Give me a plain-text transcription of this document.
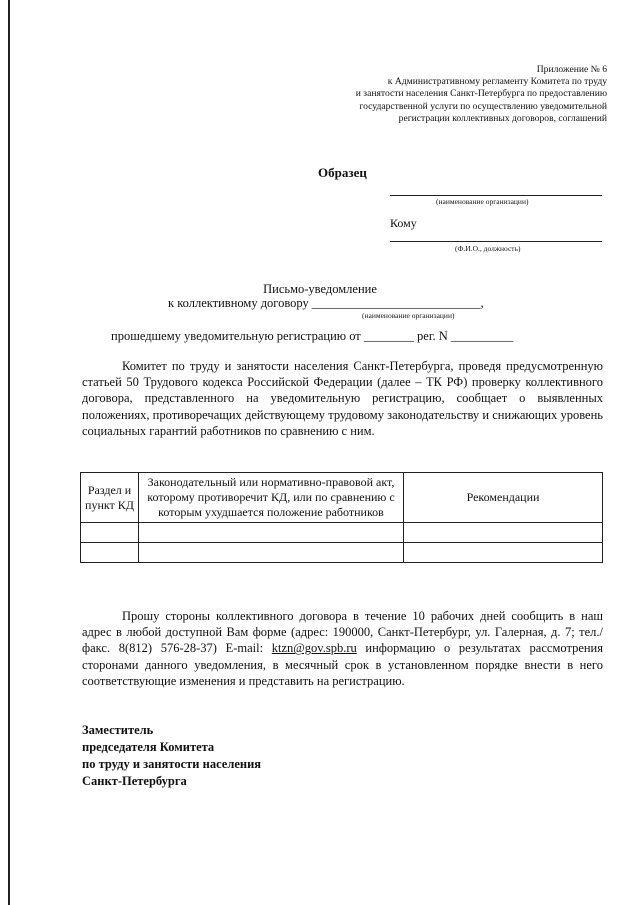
Приложение № 6
к Административному регламенту Комитета по труду
и занятости населения Санкт-Петербурга по предоставлению
государственной услуги по осуществлению уведомительной
регистрации коллективных договоров, соглашений
Образец
(наименование организации)
Кому
(Ф.И.О., должность)
Письмо-уведомление
к коллективному договору ___________________________,
(наименование организации)
прошедшему уведомительную регистрацию от ________ рег. N __________
Комитет по труду и занятости населения Санкт-Петербурга, проведя предусмотренную статьей 50 Трудового кодекса Российской Федерации (далее – ТК РФ) проверку коллективного договора, представленного на уведомительную регистрацию, сообщает о выявленных положениях, противоречащих действующему трудовому законодательству и снижающих уровень социальных гарантий работников по сравнению с ним.
Раздел и пункт КД	Законодательный или нормативно-правовой акт, которому противоречит КД, или по сравнению с которым ухудшается положение работников	Рекомендации

Прошу стороны коллективного договора в течение 10 рабочих дней сообщить в наш адрес в любой доступной Вам форме (адрес: 190000, Санкт-Петербург, ул. Галерная, д. 7; тел./факс. 8(812) 576-28-37) E-mail: ktzn@gov.spb.ru информацию о результатах рассмотрения сторонами данного уведомления, в месячный срок в установленном порядке внести в него соответствующие изменения и представить на регистрацию.
Заместитель
председателя Комитета
по труду и занятости населения
Санкт-Петербурга
